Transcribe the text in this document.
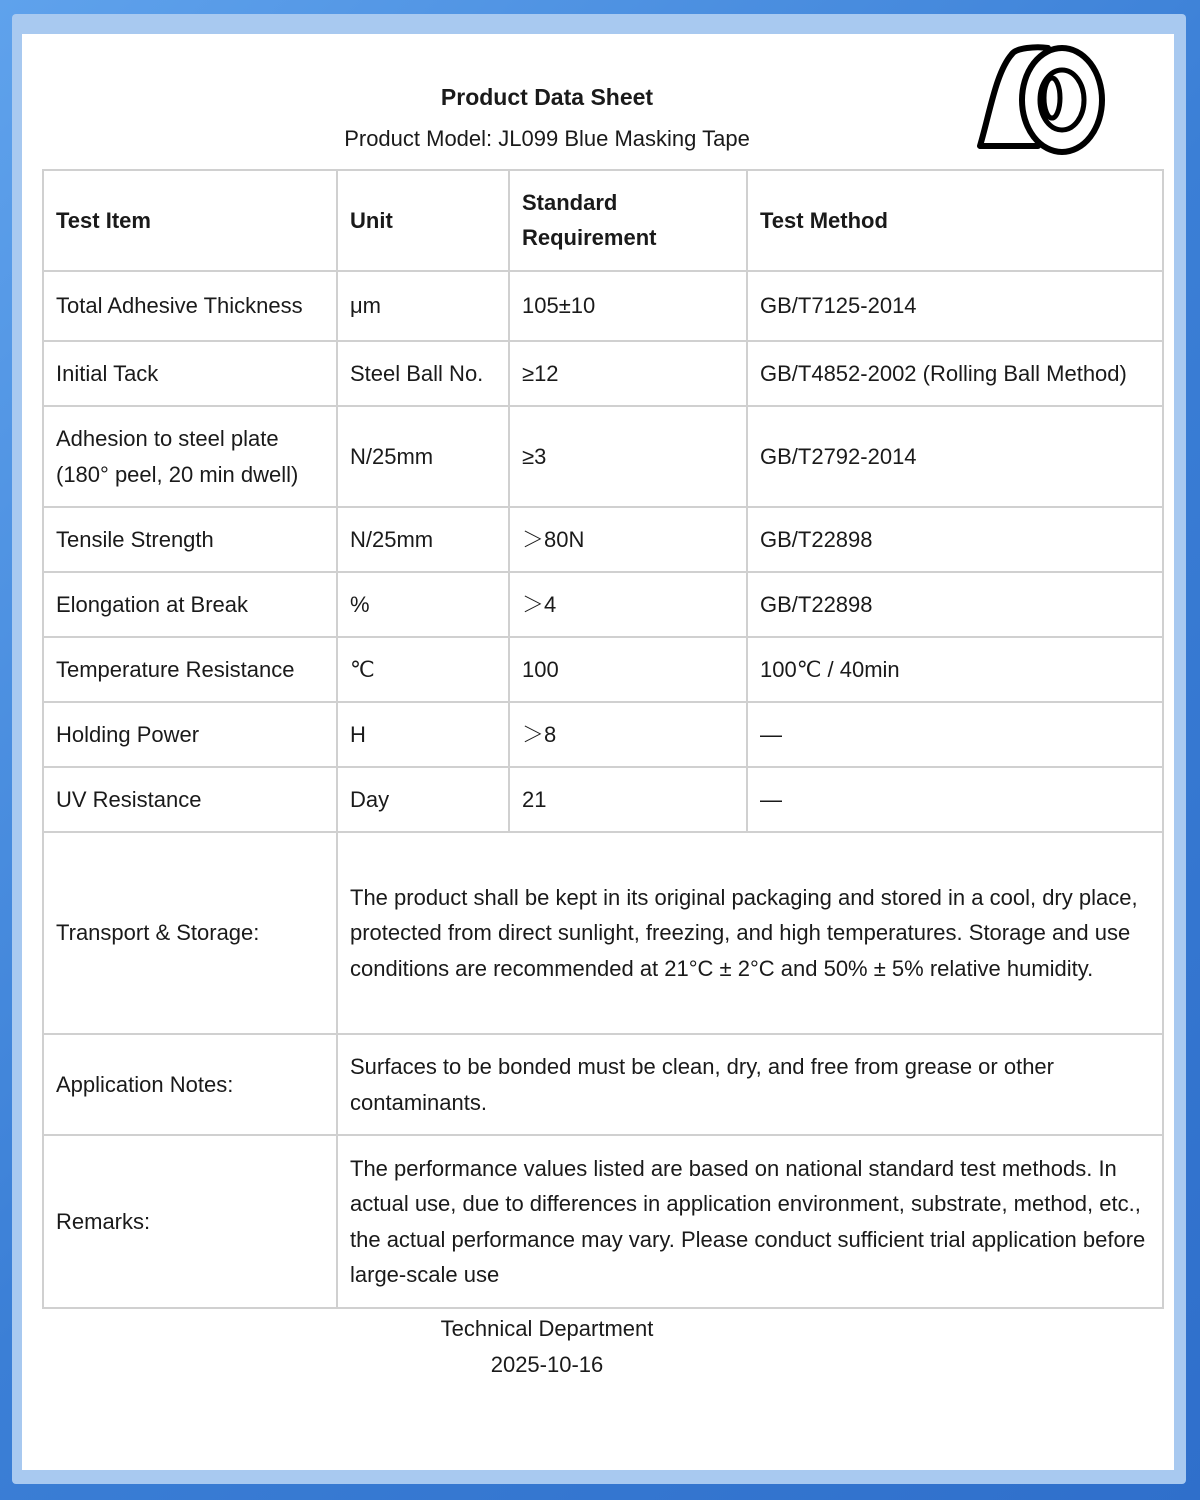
Product Data Sheet
Product Model: JL099 Blue Masking Tape
Test Item	Unit	Standard Requirement	Test Method
Total Adhesive Thickness	μm	105±10	GB/T7125-2014
Initial Tack	Steel Ball No.	≥12	GB/T4852-2002 (Rolling Ball Method)
Adhesion to steel plate (180° peel, 20 min dwell)	N/25mm	≥3	GB/T2792-2014
Tensile Strength	N/25mm	＞80N	GB/T22898
Elongation at Break	%	＞4	GB/T22898
Temperature Resistance	℃	100	100℃ / 40min
Holding Power	H	＞8	—
UV Resistance	Day	21	—
Transport & Storage:	The product shall be kept in its original packaging and stored in a cool, dry place, protected from direct sunlight, freezing, and high temperatures. Storage and use conditions are recommended at 21°C ± 2°C and 50% ± 5% relative humidity.		
Application Notes:	Surfaces to be bonded must be clean, dry, and free from grease or other contaminants.		
Remarks:	The performance values listed are based on national standard test methods. In actual use, due to differences in application environment, substrate, method, etc., the actual performance may vary. Please conduct sufficient trial application before large-scale use		
Technical Department
2025-10-16
